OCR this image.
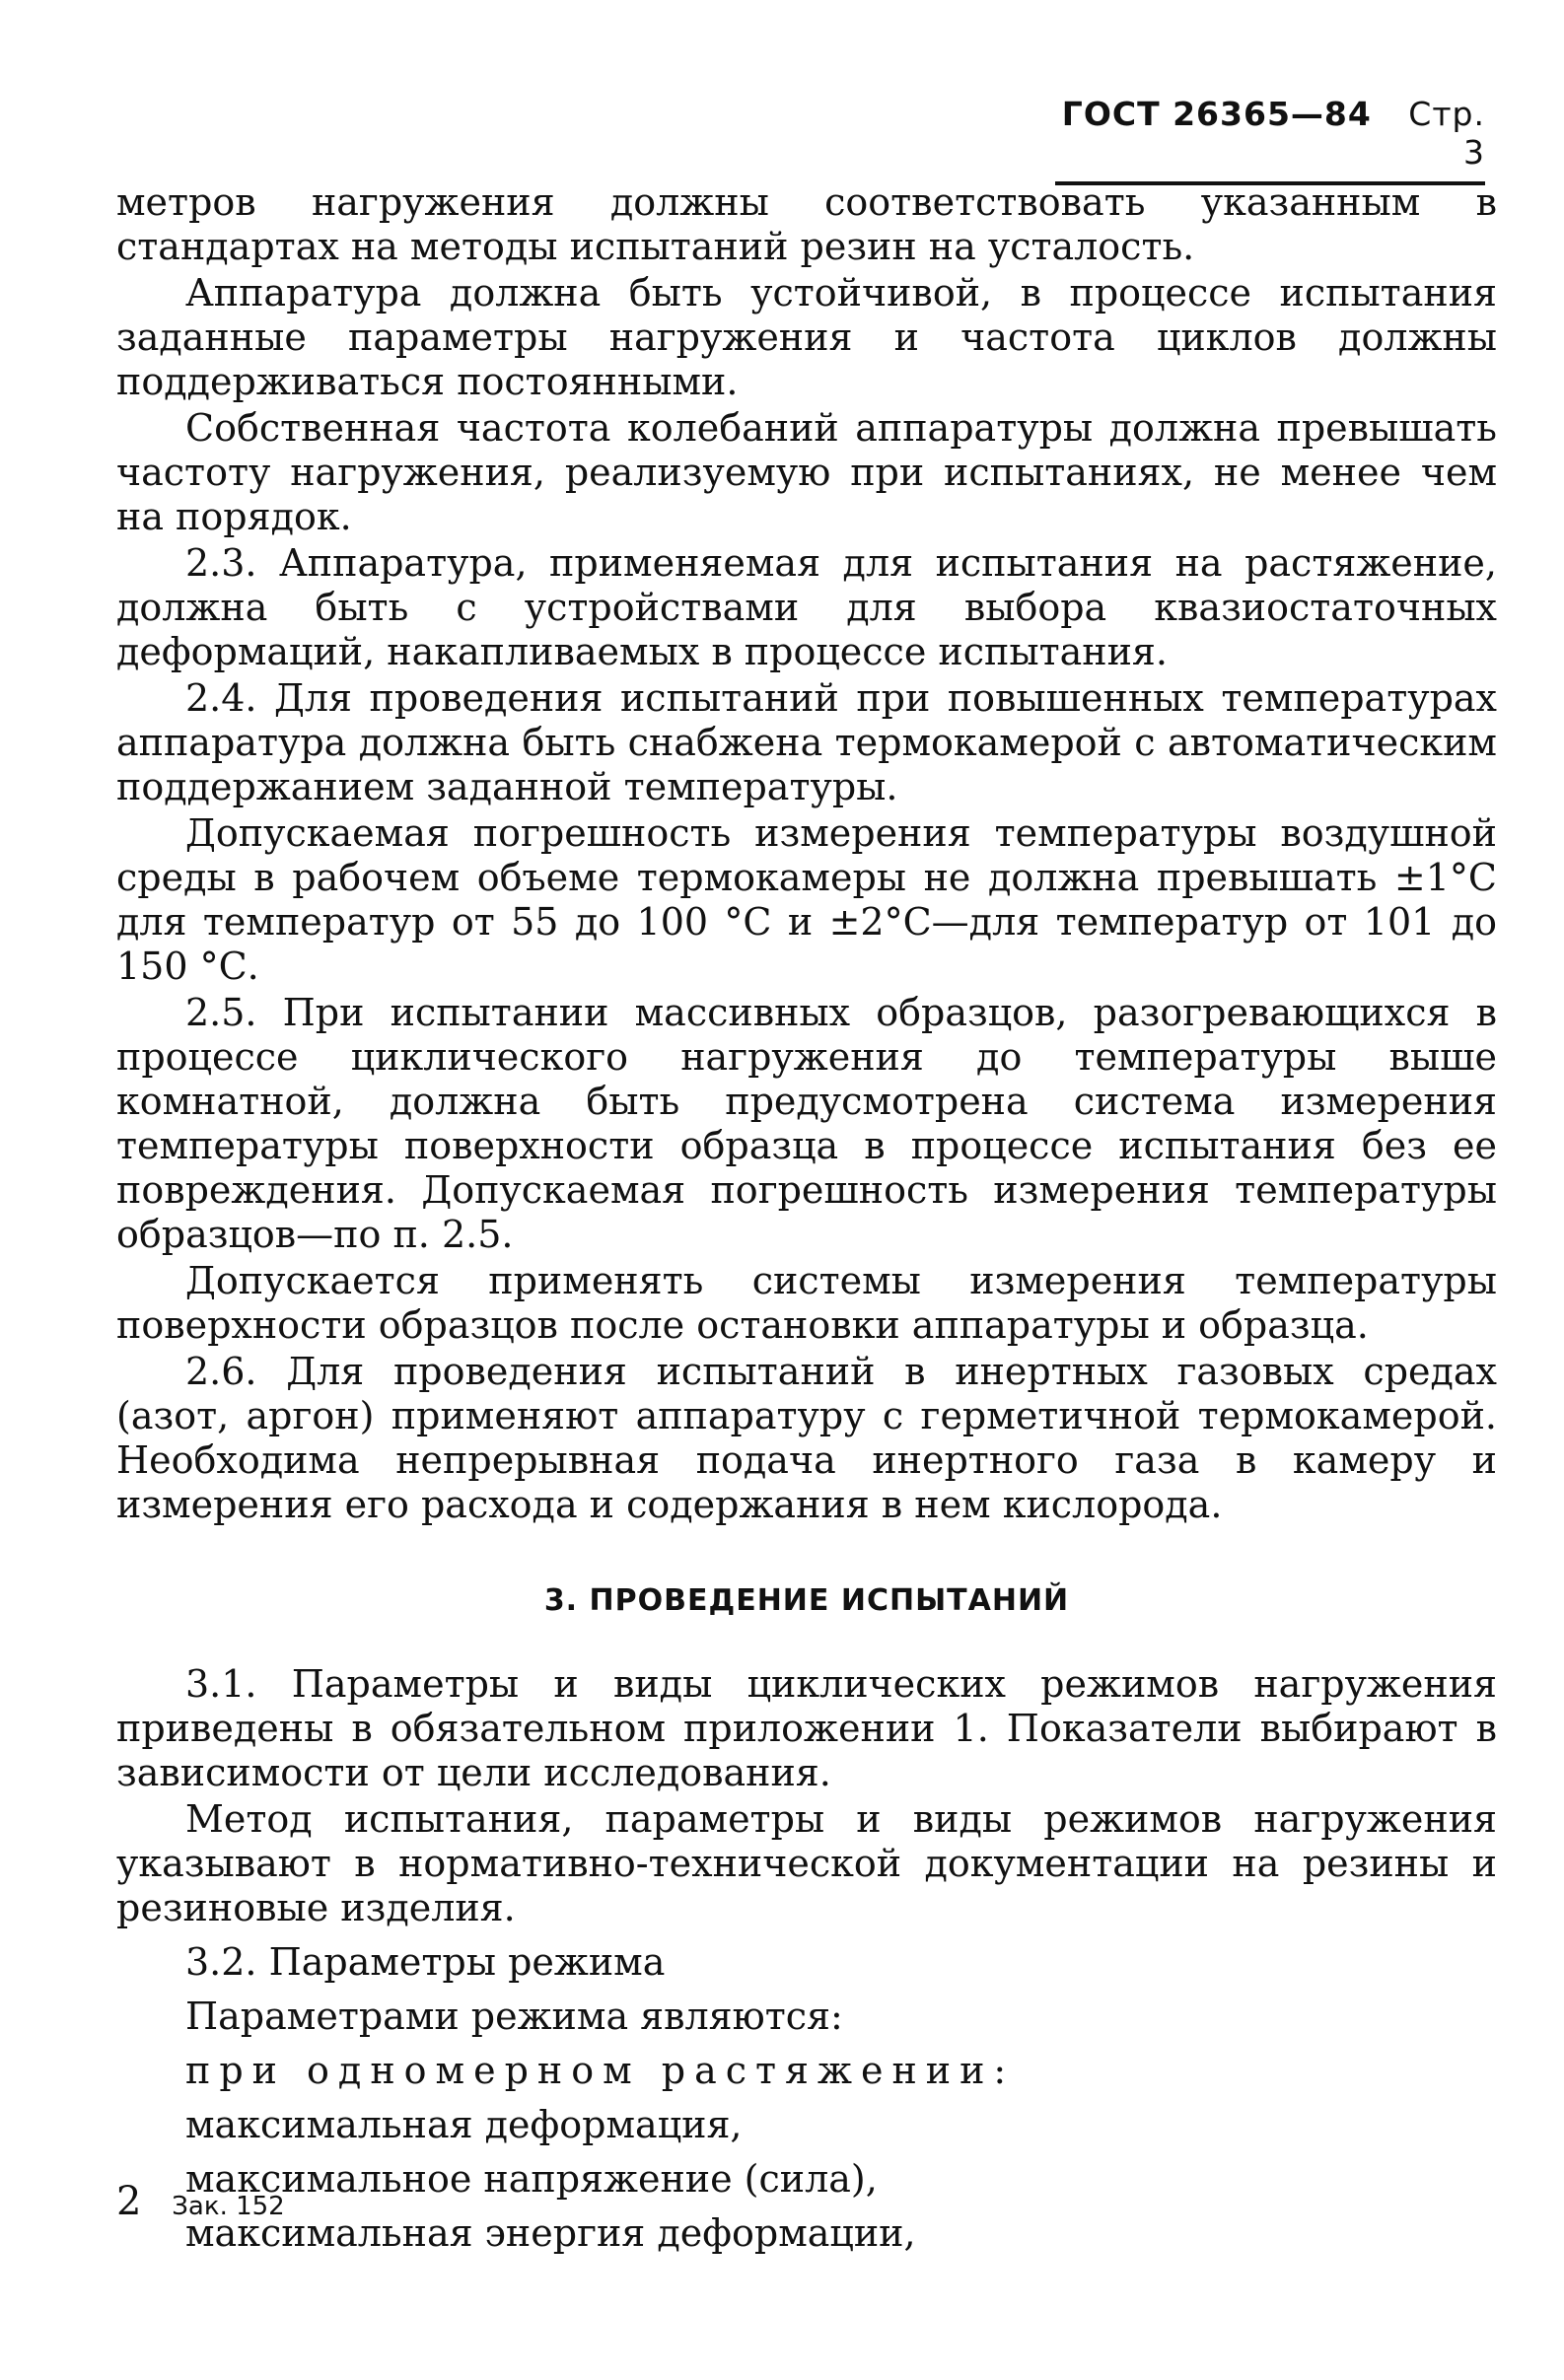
ГОСТ 26365—84 Стр. 3

метров нагружения должны соответствовать указанным в стандартах на методы испытаний резин на усталость.

Аппаратура должна быть устойчивой, в процессе испытания заданные параметры нагружения и частота циклов должны поддерживаться постоянными.

Собственная частота колебаний аппаратуры должна превышать частоту нагружения, реализуемую при испытаниях, не менее чем на порядок.

2.3. Аппаратура, применяемая для испытания на растяжение, должна быть с устройствами для выбора квазиостаточных деформаций, накапливаемых в процессе испытания.

2.4. Для проведения испытаний при повышенных температурах аппаратура должна быть снабжена термокамерой с автоматическим поддержанием заданной температуры.

Допускаемая погрешность измерения температуры воздушной среды в рабочем объеме термокамеры не должна превышать ±1°С для температур от 55 до 100 °С и ±2°С—для температур от 101 до 150 °С.

2.5. При испытании массивных образцов, разогревающихся в процессе циклического нагружения до температуры выше комнатной, должна быть предусмотрена система измерения температуры поверхности образца в процессе испытания без ее повреждения. Допускаемая погрешность измерения температуры образцов—по п. 2.5.

Допускается применять системы измерения температуры поверхности образцов после остановки аппаратуры и образца.

2.6. Для проведения испытаний в инертных газовых средах (азот, аргон) применяют аппаратуру с герметичной термокамерой. Необходима непрерывная подача инертного газа в камеру и измерения его расхода и содержания в нем кислорода.

3. ПРОВЕДЕНИЕ ИСПЫТАНИЙ

3.1. Параметры и виды циклических режимов нагружения приведены в обязательном приложении 1. Показатели выбирают в зависимости от цели исследования.

Метод испытания, параметры и виды режимов нагружения указывают в нормативно-технической документации на резины и резиновые изделия.

3.2. Параметры режима
Параметрами режима являются:
при одномерном растяжении:
максимальная деформация,
максимальное напряжение (сила),
максимальная энергия деформации,
2 Зак. 152
